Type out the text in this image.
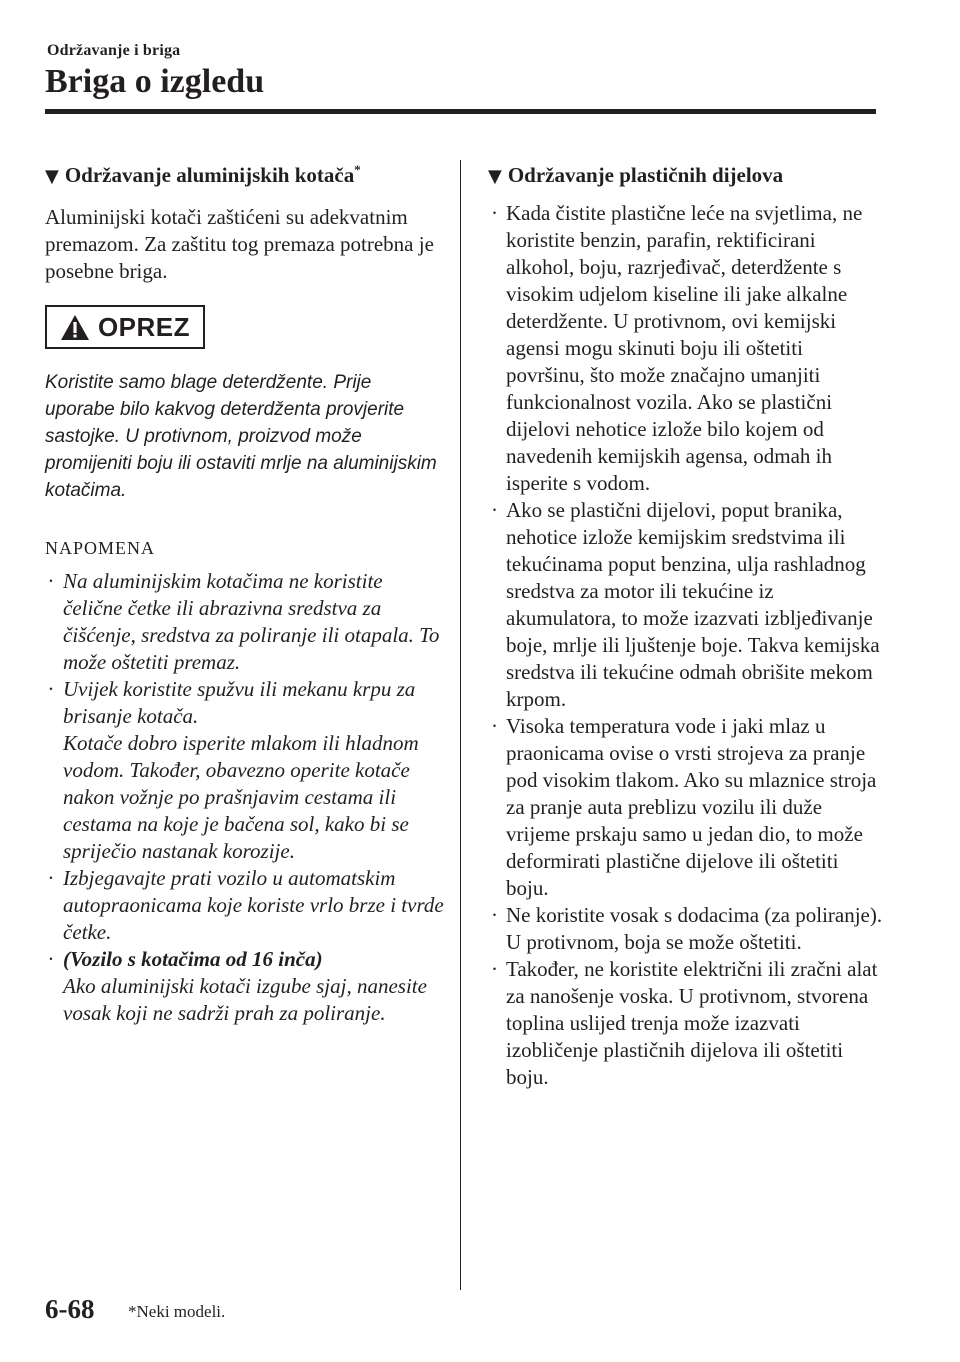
Održavanje i briga
Briga o izgledu
▼ Održavanje aluminijskih kotača*

Aluminijski kotači zaštićeni su adekvatnim premazom. Za zaštitu tog premaza potrebna je posebne briga.

OPREZ

Koristite samo blage deterdžente. Prije uporabe bilo kakvog deterdženta provjerite sastojke. U protivnom, proizvod može promijeniti boju ili ostaviti mrlje na aluminijskim kotačima.

NAPOMENA

· Na aluminijskim kotačima ne koristite čelične četke ili abrazivna sredstva za čišćenje, sredstva za poliranje ili otapala. To može oštetiti premaz.
· Uvijek koristite spužvu ili mekanu krpu za brisanje kotača.
Kotače dobro isperite mlakom ili hladnom vodom. Također, obavezno operite kotače nakon vožnje po prašnjavim cestama ili cestama na koje je bačena sol, kako bi se spriječio nastanak korozije.
· Izbjegavajte prati vozilo u automatskim autopraonicama koje koriste vrlo brze i tvrde četke.
· (Vozilo s kotačima od 16 inča)
Ako aluminijski kotači izgube sjaj, nanesite vosak koji ne sadrži prah za poliranje.
▼ Održavanje plastičnih dijelova
· Kada čistite plastične leće na svjetlima, ne koristite benzin, parafin, rektificirani alkohol, boju, razrjeđivač, deterdžente s visokim udjelom kiseline ili jake alkalne deterdžente. U protivnom, ovi kemijski agensi mogu skinuti boju ili oštetiti površinu, što može značajno umanjiti funkcionalnost vozila. Ako se plastični dijelovi nehotice izlože bilo kojem od navedenih kemijskih agensa, odmah ih isperite s vodom.
· Ako se plastični dijelovi, poput branika, nehotice izlože kemijskim sredstvima ili tekućinama poput benzina, ulja rashladnog sredstva za motor ili tekućine iz akumulatora, to može izazvati izbljeđivanje boje, mrlje ili ljuštenje boje. Takva kemijska sredstva ili tekućine odmah obrišite mekom krpom.
· Visoka temperatura vode i jaki mlaz u praonicama ovise o vrsti strojeva za pranje pod visokim tlakom. Ako su mlaznice stroja za pranje auta preblizu vozilu ili duže vrijeme prskaju samo u jedan dio, to može deformirati plastične dijelove ili oštetiti boju.
· Ne koristite vosak s dodacima (za poliranje). U protivnom, boja se može oštetiti.
· Također, ne koristite električni ili zračni alat za nanošenje voska. U protivnom, stvorena toplina uslijed trenja može izazvati izobličenje plastičnih dijelova ili oštetiti boju.
6-68 *Neki modeli.
